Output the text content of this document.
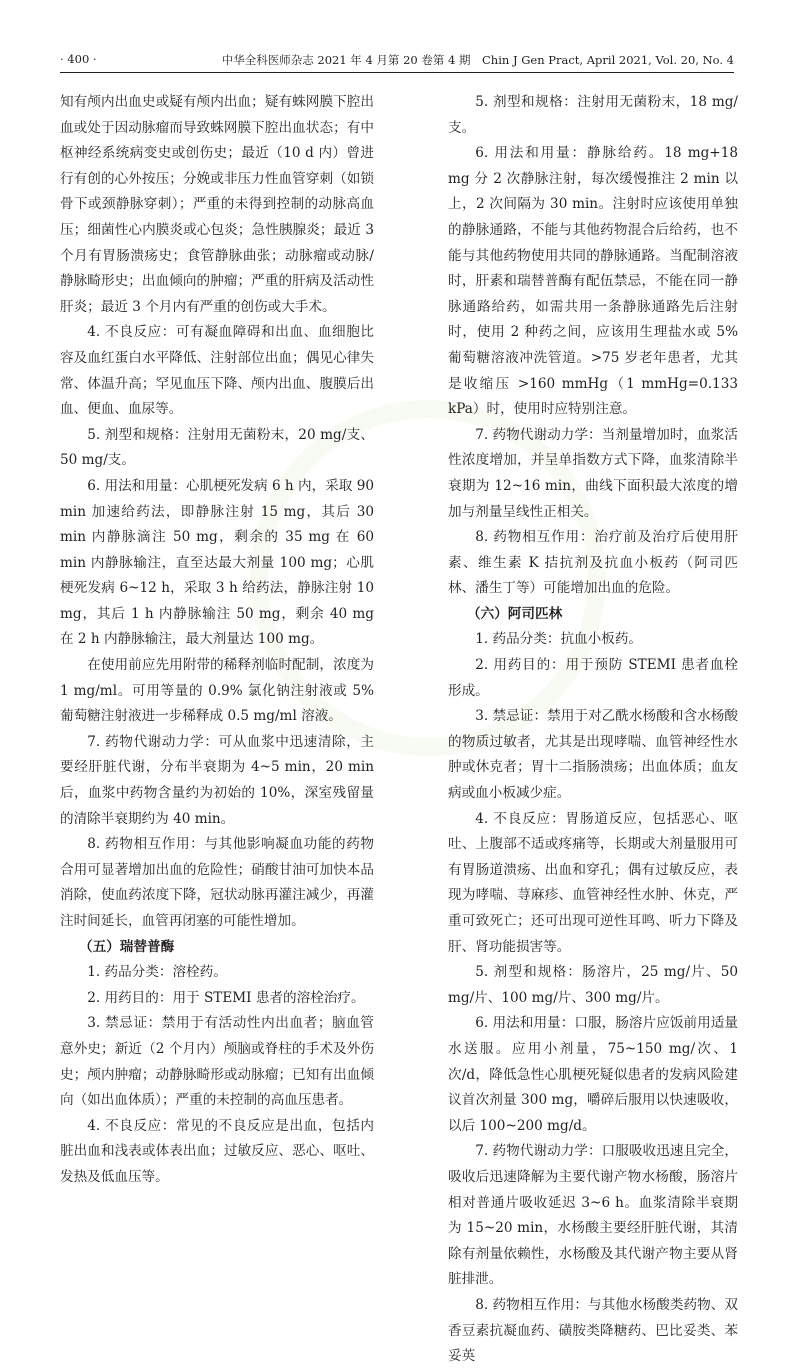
· 400 ·	中华全科医师杂志 2021 年 4 月第 20 卷第 4 期　Chin J Gen Pract, April 2021, Vol. 20, No. 4

知有颅内出血史或疑有颅内出血；疑有蛛网膜下腔出血或处于因动脉瘤而导致蛛网膜下腔出血状态；有中枢神经系统病变史或创伤史；最近（10 d 内）曾进行有创的心外按压；分娩或非压力性血管穿刺（如锁骨下或颈静脉穿刺）；严重的未得到控制的动脉高血压；细菌性心内膜炎或心包炎；急性胰腺炎；最近 3 个月有胃肠溃疡史；食管静脉曲张；动脉瘤或动脉/静脉畸形史；出血倾向的肿瘤；严重的肝病及活动性肝炎；最近 3 个月内有严重的创伤或大手术。

4. 不良反应：可有凝血障碍和出血、血细胞比容及血红蛋白水平降低、注射部位出血；偶见心律失常、体温升高；罕见血压下降、颅内出血、腹膜后出血、便血、血尿等。

5. 剂型和规格：注射用无菌粉末，20 mg/支、50 mg/支。

6. 用法和用量：心肌梗死发病 6 h 内，采取 90 min 加速给药法，即静脉注射 15 mg，其后 30 min 内静脉滴注 50 mg，剩余的 35 mg 在 60 min 内静脉输注，直至达最大剂量 100 mg；心肌梗死发病 6~12 h，采取 3 h 给药法，静脉注射 10 mg，其后 1 h 内静脉输注 50 mg，剩余 40 mg 在 2 h 内静脉输注，最大剂量达 100 mg。

在使用前应先用附带的稀释剂临时配制，浓度为 1 mg/ml。可用等量的 0.9% 氯化钠注射液或 5% 葡萄糖注射液进一步稀释成 0.5 mg/ml 溶液。

7. 药物代谢动力学：可从血浆中迅速清除，主要经肝脏代谢，分布半衰期为 4~5 min，20 min 后，血浆中药物含量约为初始的 10%，深室残留量的清除半衰期约为 40 min。

8. 药物相互作用：与其他影响凝血功能的药物合用可显著增加出血的危险性；硝酸甘油可加快本品消除，使血药浓度下降，冠状动脉再灌注减少，再灌注时间延长，血管再闭塞的可能性增加。

（五）瑞替普酶

1. 药品分类：溶栓药。

2. 用药目的：用于 STEMI 患者的溶栓治疗。

3. 禁忌证：禁用于有活动性内出血者；脑血管意外史；新近（2 个月内）颅脑或脊柱的手术及外伤史；颅内肿瘤；动静脉畸形或动脉瘤；已知有出血倾向（如出血体质）；严重的未控制的高血压患者。

4. 不良反应：常见的不良反应是出血，包括内脏出血和浅表或体表出血；过敏反应、恶心、呕吐、发热及低血压等。

5. 剂型和规格：注射用无菌粉末，18 mg/支。

6. 用法和用量：静脉给药。18 mg+18 mg 分 2 次静脉注射，每次缓慢推注 2 min 以上，2 次间隔为 30 min。注射时应该使用单独的静脉通路，不能与其他药物混合后给药，也不能与其他药物使用共同的静脉通路。当配制溶液时，肝素和瑞替普酶有配伍禁忌，不能在同一静脉通路给药，如需共用一条静脉通路先后注射时，使用 2 种药之间，应该用生理盐水或 5% 葡萄糖溶液冲洗管道。>75 岁老年患者，尤其是收缩压 >160 mmHg（1 mmHg=0.133 kPa）时，使用时应特别注意。

7. 药物代谢动力学：当剂量增加时，血浆活性浓度增加，并呈单指数方式下降，血浆清除半衰期为 12~16 min，曲线下面积最大浓度的增加与剂量呈线性正相关。

8. 药物相互作用：治疗前及治疗后使用肝素、维生素 K 拮抗剂及抗血小板药（阿司匹林、潘生丁等）可能增加出血的危险。

（六）阿司匹林

1. 药品分类：抗血小板药。

2. 用药目的：用于预防 STEMI 患者血栓形成。

3. 禁忌证：禁用于对乙酰水杨酸和含水杨酸的物质过敏者，尤其是出现哮喘、血管神经性水肿或休克者；胃十二指肠溃疡；出血体质；血友病或血小板减少症。

4. 不良反应：胃肠道反应，包括恶心、呕吐、上腹部不适或疼痛等，长期或大剂量服用可有胃肠道溃疡、出血和穿孔；偶有过敏反应，表现为哮喘、荨麻疹、血管神经性水肿、休克，严重可致死亡；还可出现可逆性耳鸣、听力下降及肝、肾功能损害等。

5. 剂型和规格：肠溶片，25 mg/片、50 mg/片、100 mg/片、300 mg/片。

6. 用法和用量：口服，肠溶片应饭前用适量水送服。应用小剂量，75~150 mg/次、1 次/d，降低急性心肌梗死疑似患者的发病风险建议首次剂量 300 mg，嚼碎后服用以快速吸收，以后 100~200 mg/d。

7. 药物代谢动力学：口服吸收迅速且完全，吸收后迅速降解为主要代谢产物水杨酸，肠溶片相对普通片吸收延迟 3~6 h。血浆清除半衰期为 15~20 min，水杨酸主要经肝脏代谢，其清除有剂量依赖性，水杨酸及其代谢产物主要从肾脏排泄。

8. 药物相互作用：与其他水杨酸类药物、双香豆素抗凝血药、磺胺类降糖药、巴比妥类、苯妥英
